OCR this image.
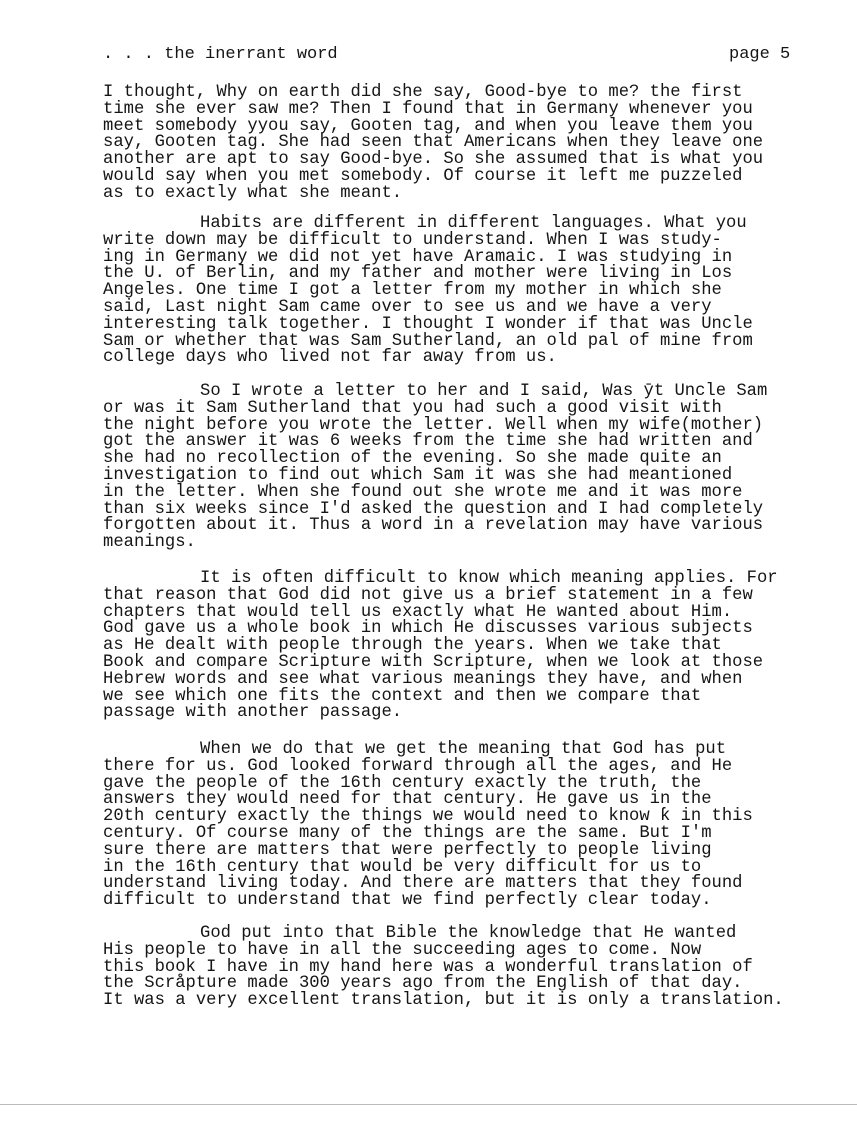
. . . the inerrant word	page 5
I thought, Why on earth did she say, Good-bye to me? the first
time she ever saw me? Then I found that in Germany whenever you
meet somebody yyou say, Gooten tag, and when you leave them you
say, Gooten tag. She had seen that Americans when they leave one
another are apt to say Good-bye. So she assumed that is what you
would say when you met somebody. Of course it left me puzzeled
as to exactly what she meant.
Habits are different in different languages. What you
write down may be difficult to understand. When I was study-
ing in Germany we did not yet have Aramaic. I was studying in
the U. of Berlin, and my father and mother were living in Los
Angeles. One time I got a letter from my mother in which she
said, Last night Sam came over to see us and we have a very
interesting talk together. I thought I wonder if that was Uncle
Sam or whether that was Sam Sutherland, an old pal of mine from
college days who lived not far away from us.
So I wrote a letter to her and I said, Was ȳt Uncle Sam
or was it Sam Sutherland that you had such a good visit with
the night before you wrote the letter. Well when my wife(mother)
got the answer it was 6 weeks from the time she had written and
she had no recollection of the evening. So she made quite an
investigation to find out which Sam it was she had meantioned
in the letter. When she found out she wrote me and it was more
than six weeks since I'd asked the question and I had completely
forgotten about it. Thus a word in a revelation may have various
meanings.
It is often difficult to know which meaning applies. For
that reason that God did not give us a brief statement in a few
chapters that would tell us exactly what He wanted about Him.
God gave us a whole book in which He discusses various subjects
as He dealt with people through the years. When we take that
Book and compare Scripture with Scripture, when we look at those
Hebrew words and see what various meanings they have, and when
we see which one fits the context and then we compare that
passage with another passage.
When we do that we get the meaning that God has put
there for us. God looked forward through all the ages, and He
gave the people of the 16th century exactly the truth, the
answers they would need for that century. He gave us in the
20th century exactly the things we would need to know ƙ in this
century. Of course many of the things are the same. But I'm
sure there are matters that were perfectly to people living
in the 16th century that would be very difficult for us to
understand living today. And there are matters that they found
difficult to understand that we find perfectly clear today.
God put into that Bible the knowledge that He wanted
His people to have in all the succeeding ages to come. Now
this book I have in my hand here was a wonderful translation of
the Scråpture made 300 years ago from the English of that day.
It was a very excellent translation, but it is only a translation.
